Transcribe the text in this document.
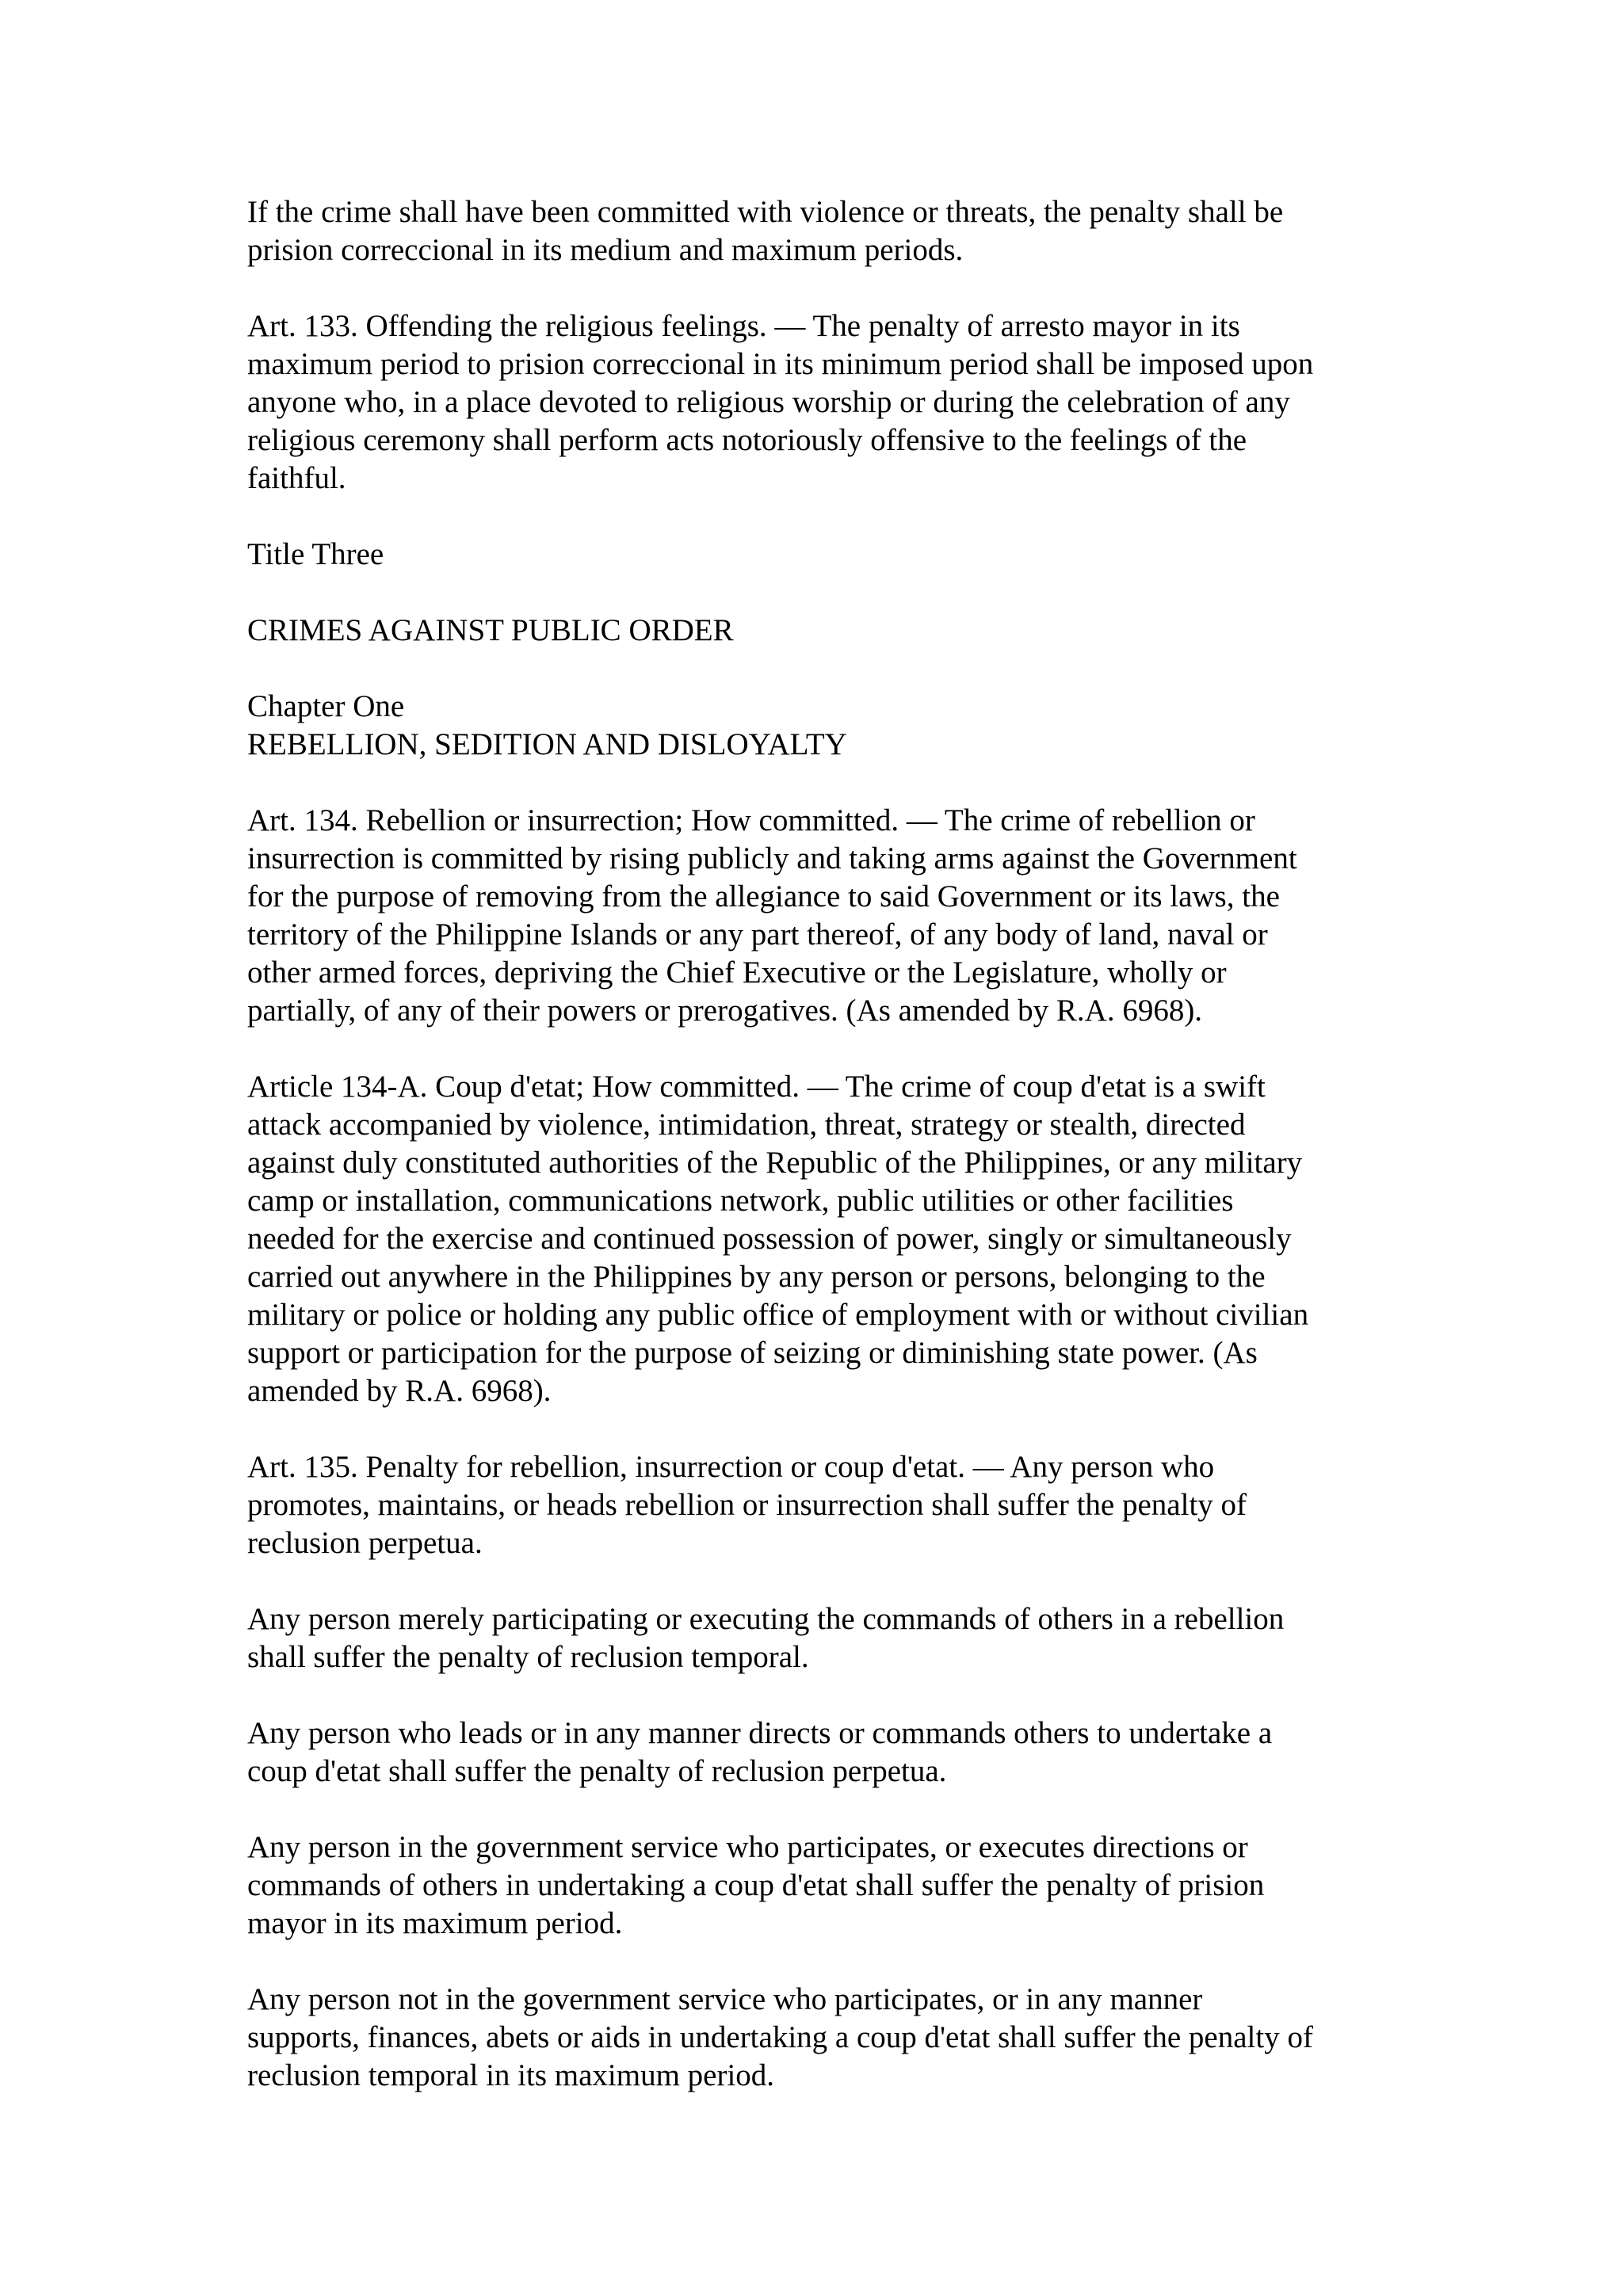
If the crime shall have been committed with violence or threats, the penalty shall be
prision correccional in its medium and maximum periods.

Art. 133. Offending the religious feelings. — The penalty of arresto mayor in its
maximum period to prision correccional in its minimum period shall be imposed upon
anyone who, in a place devoted to religious worship or during the celebration of any
religious ceremony shall perform acts notoriously offensive to the feelings of the
faithful.

Title Three

CRIMES AGAINST PUBLIC ORDER

Chapter One
REBELLION, SEDITION AND DISLOYALTY

Art. 134. Rebellion or insurrection; How committed. — The crime of rebellion or
insurrection is committed by rising publicly and taking arms against the Government
for the purpose of removing from the allegiance to said Government or its laws, the
territory of the Philippine Islands or any part thereof, of any body of land, naval or
other armed forces, depriving the Chief Executive or the Legislature, wholly or
partially, of any of their powers or prerogatives. (As amended by R.A. 6968).

Article 134-A. Coup d'etat; How committed. — The crime of coup d'etat is a swift
attack accompanied by violence, intimidation, threat, strategy or stealth, directed
against duly constituted authorities of the Republic of the Philippines, or any military
camp or installation, communications network, public utilities or other facilities
needed for the exercise and continued possession of power, singly or simultaneously
carried out anywhere in the Philippines by any person or persons, belonging to the
military or police or holding any public office of employment with or without civilian
support or participation for the purpose of seizing or diminishing state power. (As
amended by R.A. 6968).

Art. 135. Penalty for rebellion, insurrection or coup d'etat. — Any person who
promotes, maintains, or heads rebellion or insurrection shall suffer the penalty of
reclusion perpetua.

Any person merely participating or executing the commands of others in a rebellion
shall suffer the penalty of reclusion temporal.

Any person who leads or in any manner directs or commands others to undertake a
coup d'etat shall suffer the penalty of reclusion perpetua.

Any person in the government service who participates, or executes directions or
commands of others in undertaking a coup d'etat shall suffer the penalty of prision
mayor in its maximum period.

Any person not in the government service who participates, or in any manner
supports, finances, abets or aids in undertaking a coup d'etat shall suffer the penalty of
reclusion temporal in its maximum period.
